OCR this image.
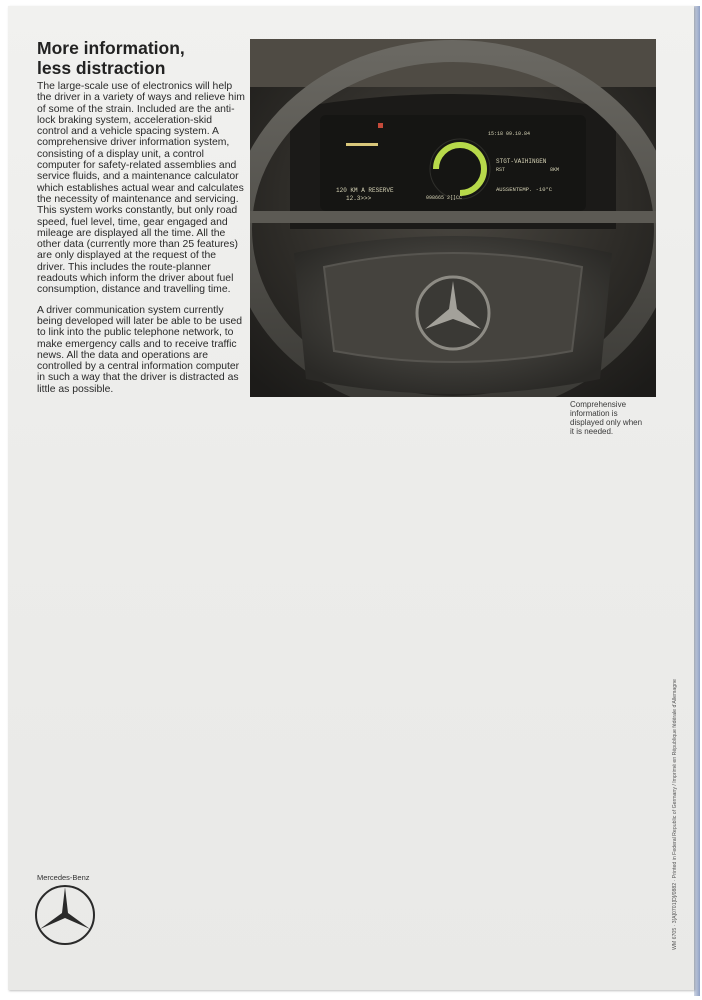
More information,
less distraction

The large-scale use of electronics will help the driver in a variety of ways and relieve him of some of the strain. Included are the anti-lock braking system, acceleration-skid control and a vehicle spacing system. A comprehensive driver information system, consisting of a display unit, a control computer for safety-related assemblies and service fluids, and a maintenance calculator which establishes actual wear and calculates the necessity of maintenance and servicing. This system works constantly, but only road speed, fuel level, time, gear engaged and mileage are displayed all the time. All the other data (currently more than 25 features) are only displayed at the request of the driver. This includes the route-planner readouts which inform the driver about fuel consumption, distance and travelling time.

A driver communication system currently being developed will later be able to be used to link into the public telephone network, to make emergency calls and to receive traffic news. All the data and operations are controlled by a central information computer in such a way that the driver is distracted as little as possible.

15:18 09.10.84
STGT-VAIHINGEN
RST	8KM
120 KM A RESERVE
12.3>>>	098665 2[]CC
AUSSENTEMP. -10°C
Comprehensive
information is
displayed only when
it is needed.
Mercedes-Benz	WM 6705 · 3[A]0701[D]/0882 · Printed in Federal Republic of Germany / Imprimé en République fédérale d'Allemagne
